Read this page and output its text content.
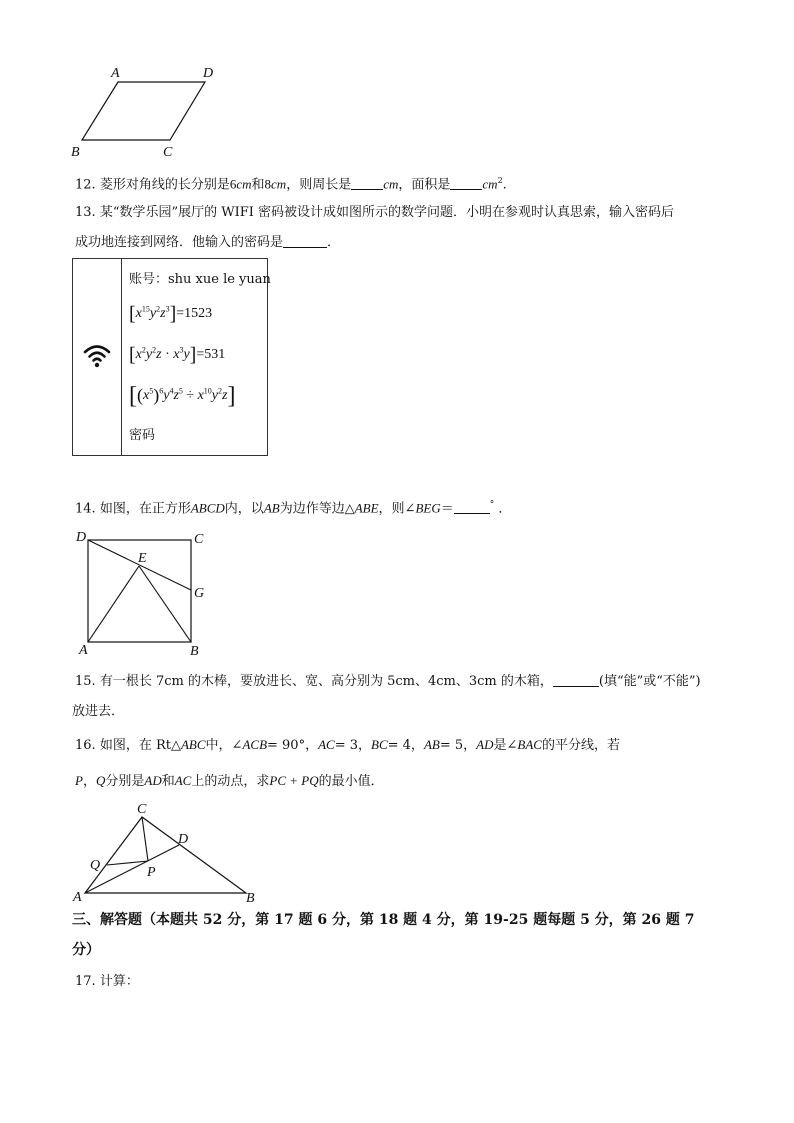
A	D
B	C
12. 菱形对角线的长分别是6cm和8cm，则周长是 cm，面积是 $cm^2$.
13. 某“数学乐园”展厅的 WIFI 密码被设计成如图所示的数学问题．小明在参观时认真思索，输入密码后
成功地连接到网络．他输入的密码是	．
账号：shu xue le yuan
$[x^{15}y^2z^3]=1523$
$[x^2y^2z \cdot x^3y]=531$
$[(x^5)^6y^4z^5 \div x^{10}y^2z]$
密码
14. 如图，在正方形ABCD内，以AB为边作等边△ABE，则∠BEG＝	° ．
D	C
E
G
A	B
15. 有一根长 7cm 的木棒，要放进长、宽、高分别为 5cm、4cm、3cm 的木箱，	(填“能”或“不能”)
放进去．
16. 如图，在 Rt△ABC中，∠ACB= 90°，AC= 3，BC= 4，AB= 5，AD是∠BAC的平分线，若
P，Q分别是AD和AC上的动点，求PC + PQ的最小值．
C
D
Q	P
A	B
三、解答题（本题共 52 分，第 17 题 6 分，第 18 题 4 分，第 19-25 题每题 5 分，第 26 题 7
分）
17. 计算：
